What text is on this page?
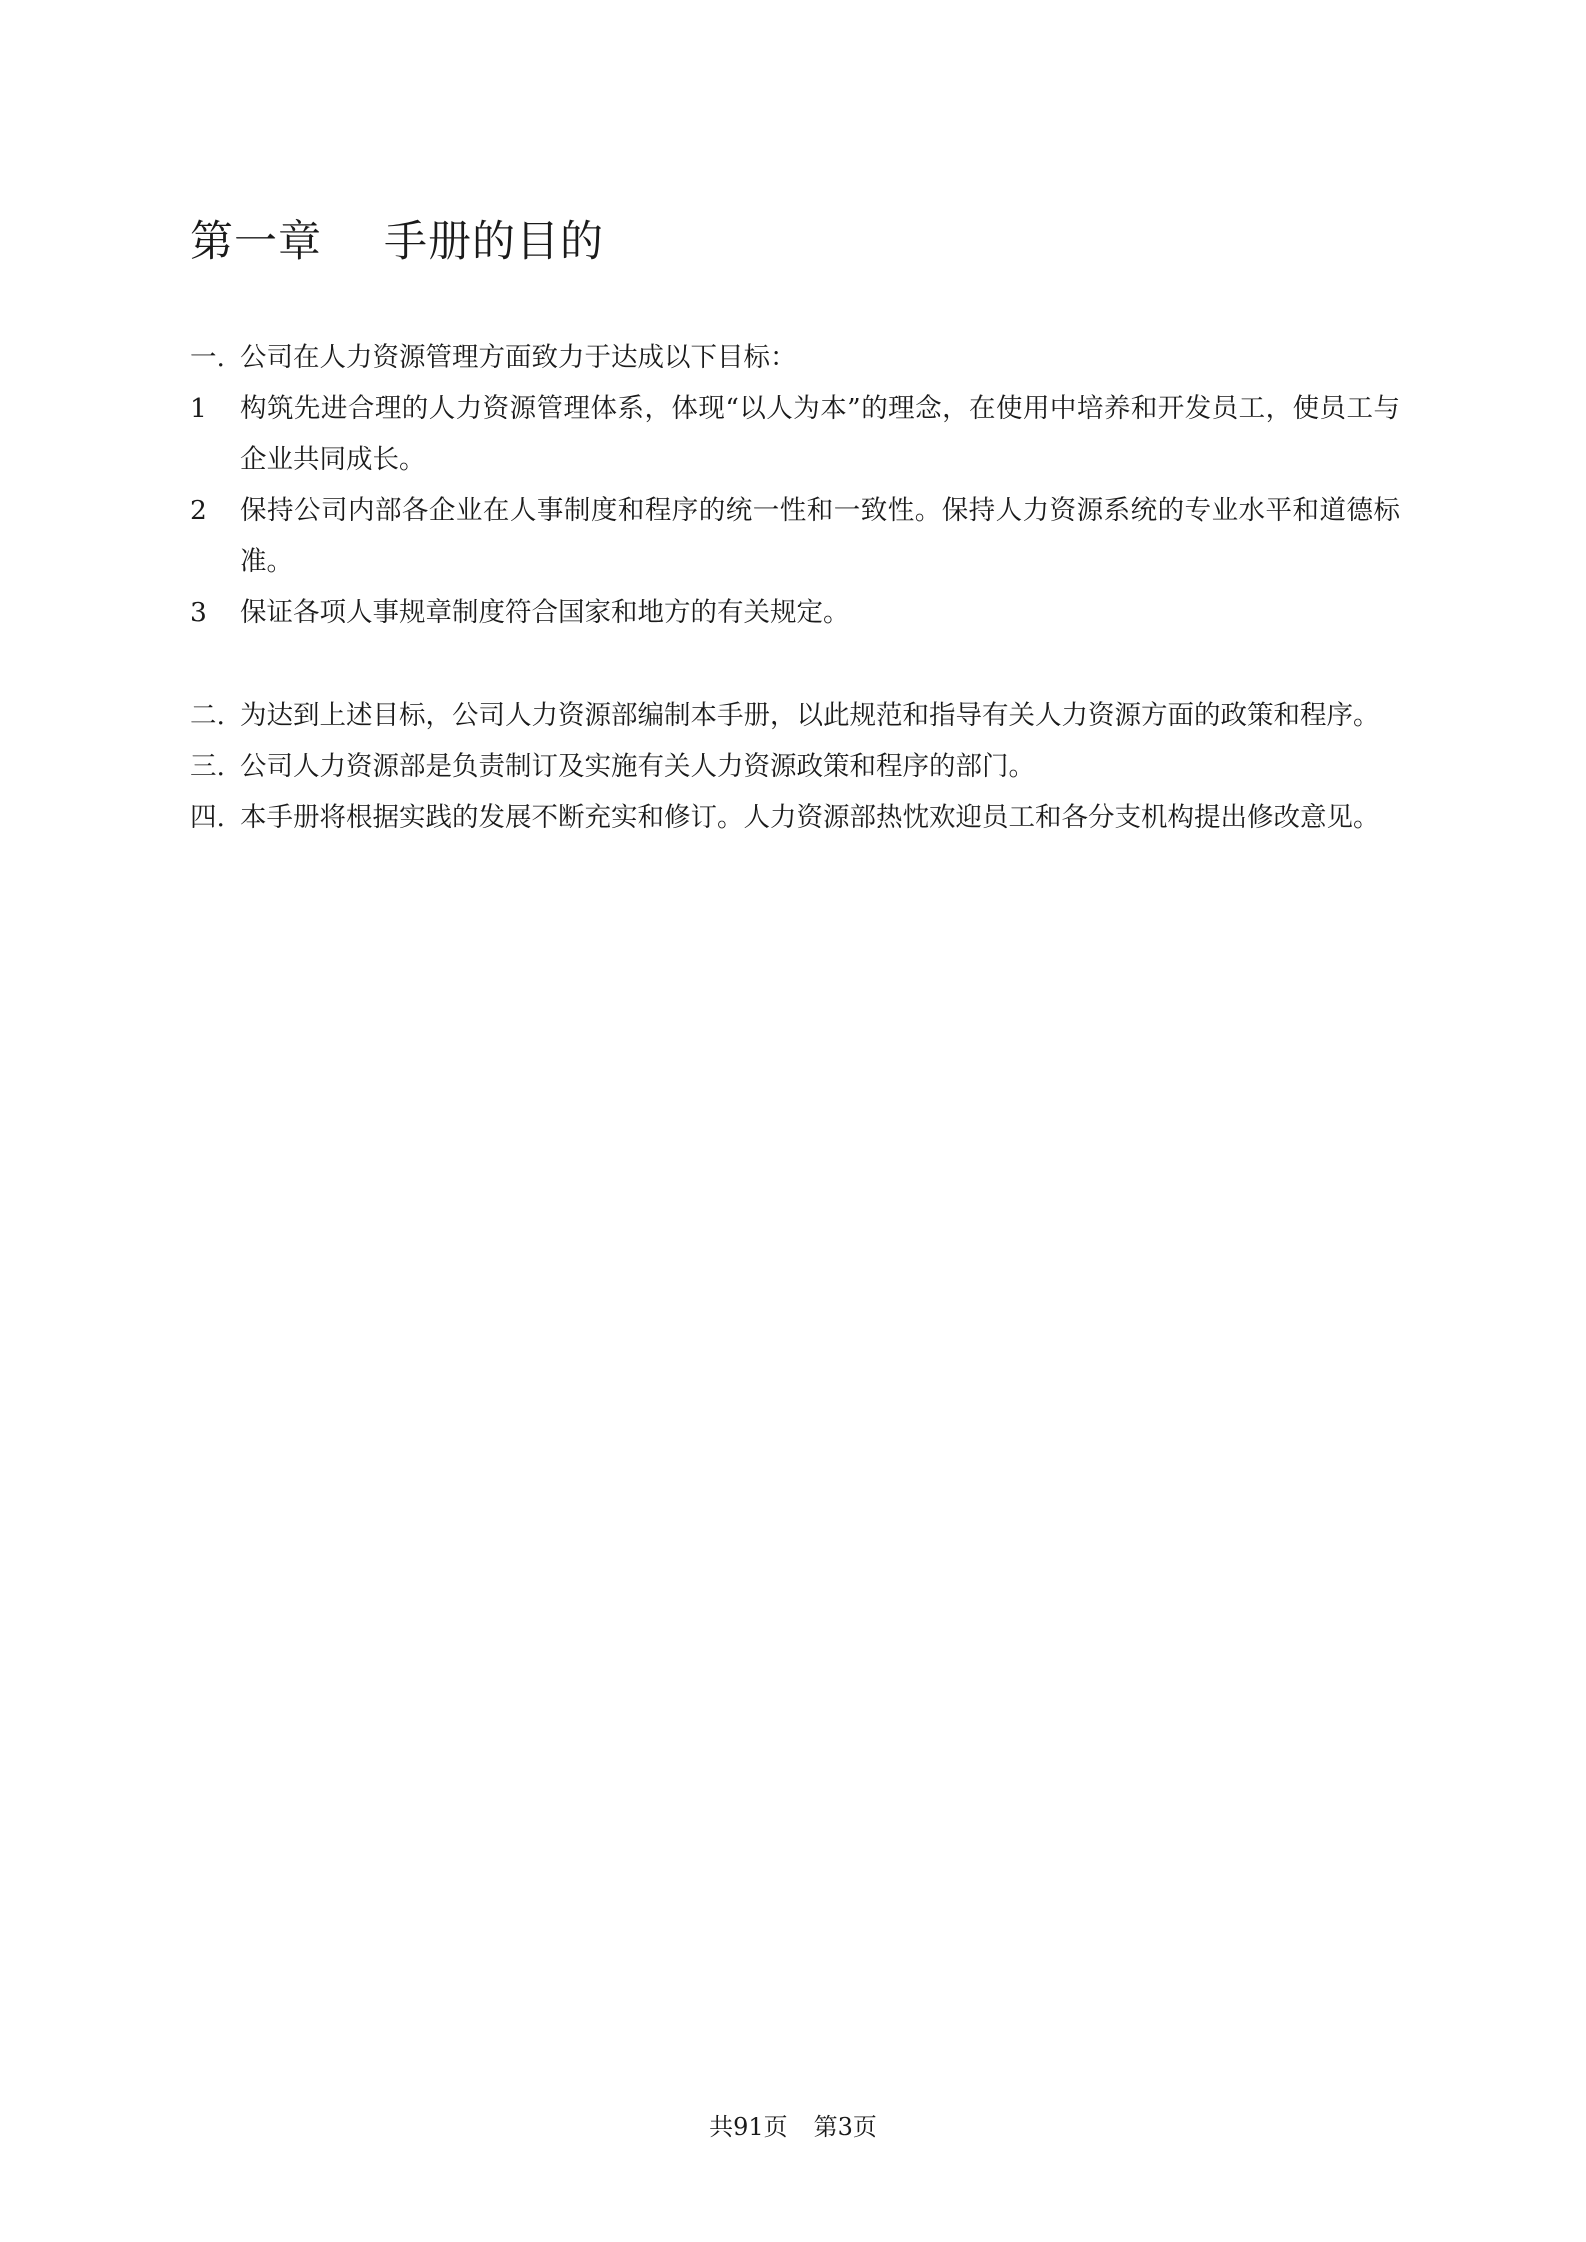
第一章 手册的目的
一. 公司在人力资源管理方面致力于达成以下目标：
1	构筑先进合理的人力资源管理体系，体现“以人为本”的理念，在使用中培养和开发员工，使员工与企业共同成长。
2	保持公司内部各企业在人事制度和程序的统一性和一致性。保持人力资源系统的专业水平和道德标准。
3	保证各项人事规章制度符合国家和地方的有关规定。
二. 为达到上述目标，公司人力资源部编制本手册，以此规范和指导有关人力资源方面的政策和程序。
三. 公司人力资源部是负责制订及实施有关人力资源政策和程序的部门。
四. 本手册将根据实践的发展不断充实和修订。人力资源部热忱欢迎员工和各分支机构提出修改意见。
共91页 第3页
